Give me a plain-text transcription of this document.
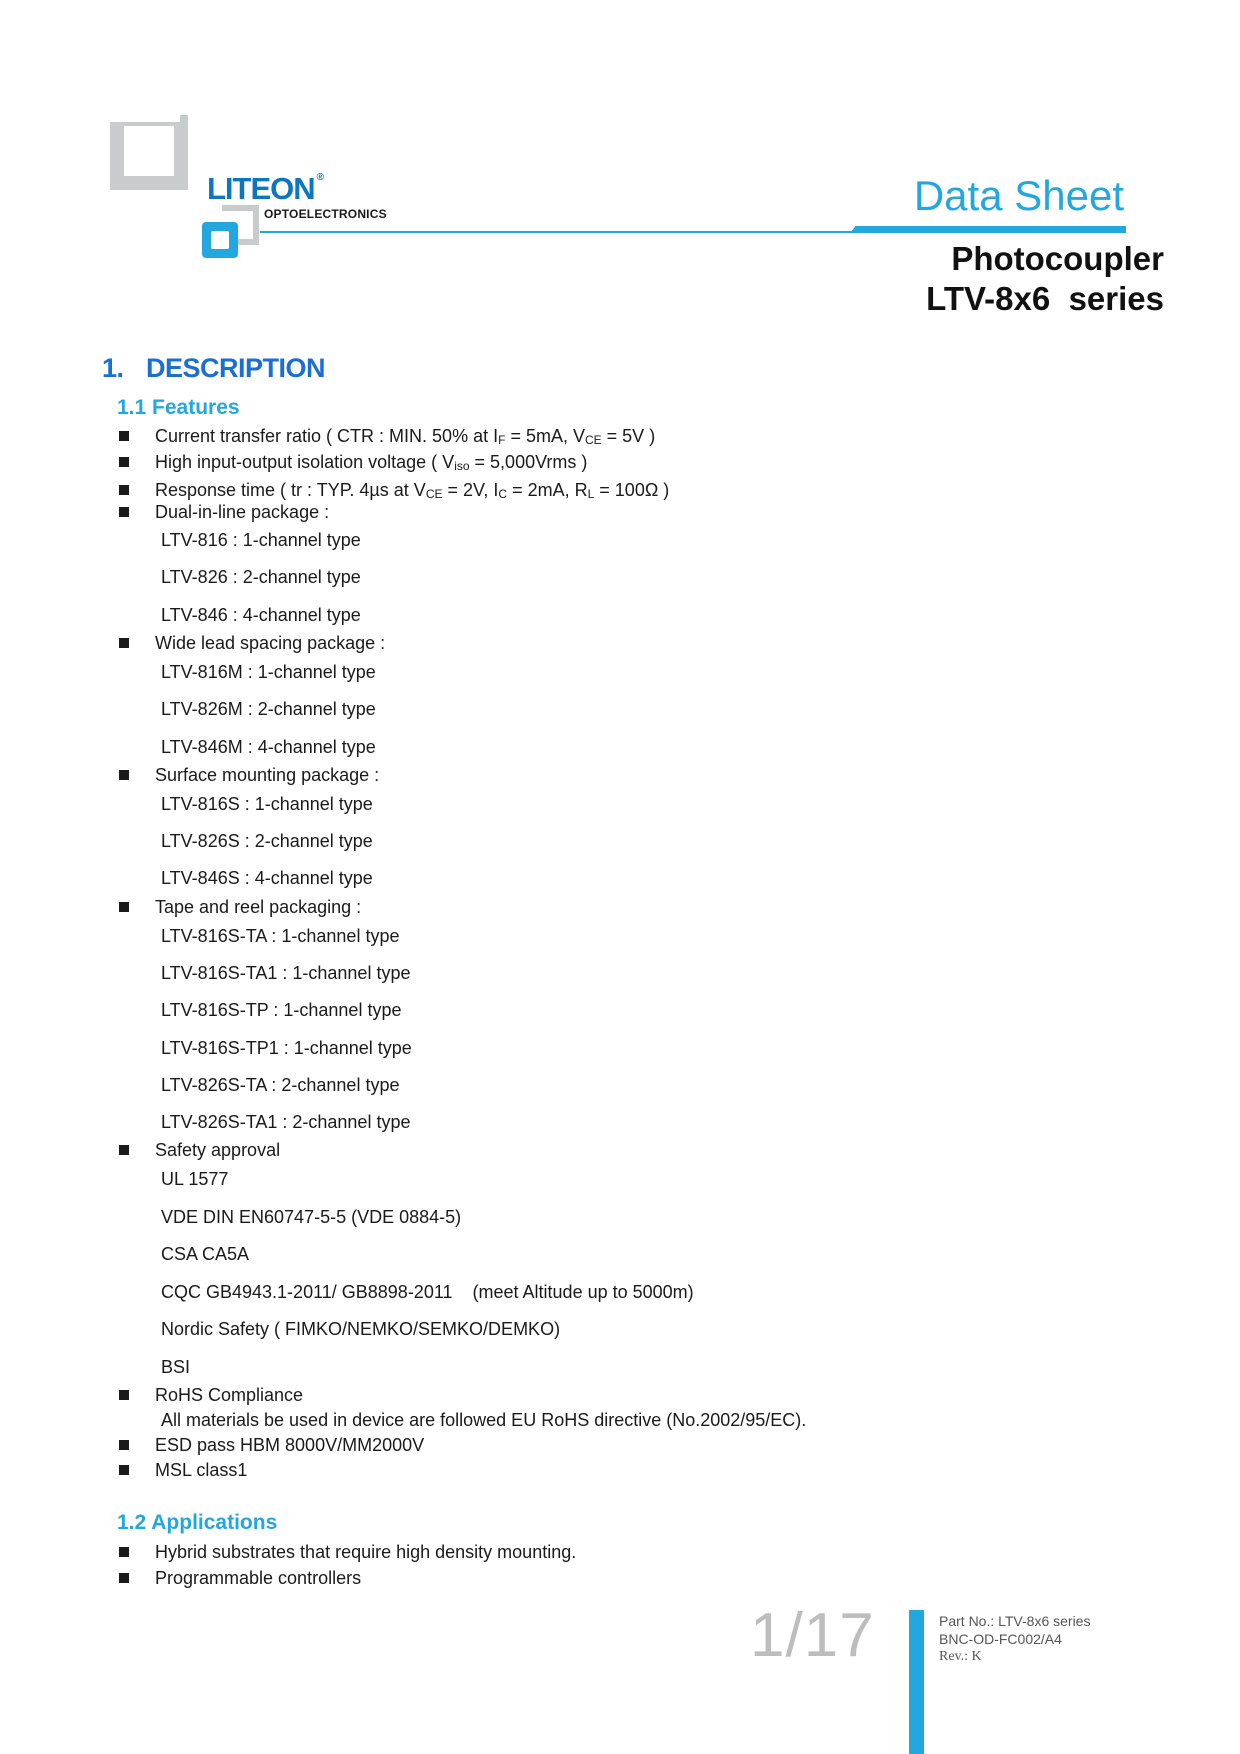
LITEON ®
OPTOELECTRONICS	Data Sheet
Photocoupler
LTV-8x6  series
1. DESCRIPTION
1.1 Features
Current transfer ratio ( CTR : MIN. 50% at IF = 5mA, VCE = 5V )
High input-output isolation voltage ( Viso = 5,000Vrms )
Response time ( tr : TYP. 4µs at VCE = 2V, IC = 2mA, RL = 100Ω )
Dual-in-line package :
LTV-816 : 1-channel type
LTV-826 : 2-channel type
LTV-846 : 4-channel type
Wide lead spacing package :
LTV-816M : 1-channel type
LTV-826M : 2-channel type
LTV-846M : 4-channel type
Surface mounting package :
LTV-816S : 1-channel type
LTV-826S : 2-channel type
LTV-846S : 4-channel type
Tape and reel packaging :
LTV-816S-TA : 1-channel type
LTV-816S-TA1 : 1-channel type
LTV-816S-TP : 1-channel type
LTV-816S-TP1 : 1-channel type
LTV-826S-TA : 2-channel type
LTV-826S-TA1 : 2-channel type
Safety approval
UL 1577
VDE DIN EN60747-5-5 (VDE 0884-5)
CSA CA5A
CQC GB4943.1-2011/ GB8898-2011    (meet Altitude up to 5000m)
Nordic Safety ( FIMKO/NEMKO/SEMKO/DEMKO)
BSI
RoHS Compliance
All materials be used in device are followed EU RoHS directive (No.2002/95/EC).
ESD pass HBM 8000V/MM2000V
MSL class1
1.2 Applications
Hybrid substrates that require high density mounting.
Programmable controllers
1/17	Part No.: LTV-8x6 series
BNC-OD-FC002/A4
Rev.: K
